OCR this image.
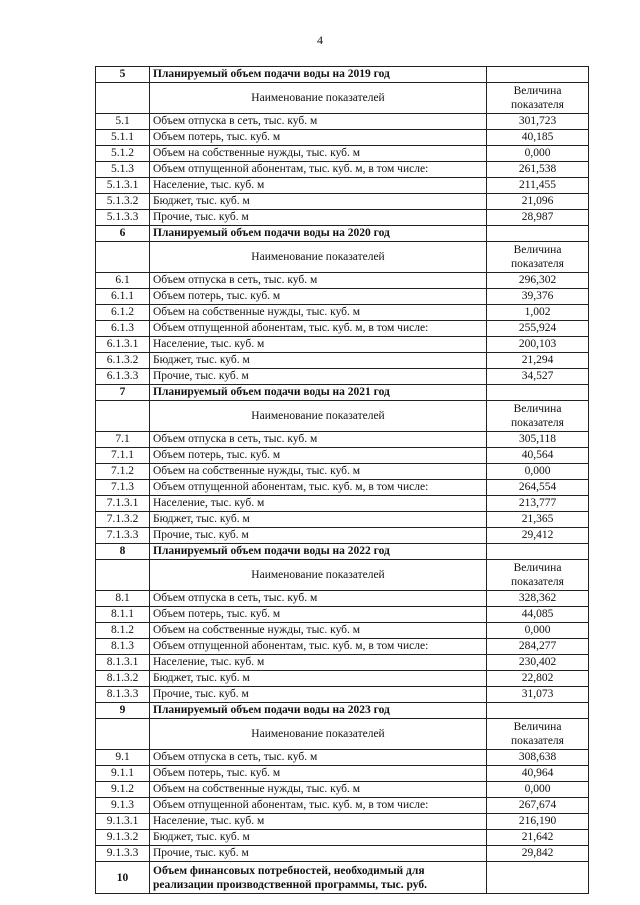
4
5	Планируемый объем подачи воды на 2019 год	
	Наименование показателей	Величина показателя
5.1	Объем отпуска в сеть, тыс. куб. м	301,723
5.1.1	Объем потерь, тыс. куб. м	40,185
5.1.2	Объем на собственные нужды, тыс. куб. м	0,000
5.1.3	Объем отпущенной абонентам, тыс. куб. м, в том числе:	261,538
5.1.3.1	Население, тыс. куб. м	211,455
5.1.3.2	Бюджет, тыс. куб. м	21,096
5.1.3.3	Прочие, тыс. куб. м	28,987
6	Планируемый объем подачи воды на 2020 год	
	Наименование показателей	Величина показателя
6.1	Объем отпуска в сеть, тыс. куб. м	296,302
6.1.1	Объем потерь, тыс. куб. м	39,376
6.1.2	Объем на собственные нужды, тыс. куб. м	1,002
6.1.3	Объем отпущенной абонентам, тыс. куб. м, в том числе:	255,924
6.1.3.1	Население, тыс. куб. м	200,103
6.1.3.2	Бюджет, тыс. куб. м	21,294
6.1.3.3	Прочие, тыс. куб. м	34,527
7	Планируемый объем подачи воды на 2021 год	
	Наименование показателей	Величина показателя
7.1	Объем отпуска в сеть, тыс. куб. м	305,118
7.1.1	Объем потерь, тыс. куб. м	40,564
7.1.2	Объем на собственные нужды, тыс. куб. м	0,000
7.1.3	Объем отпущенной абонентам, тыс. куб. м, в том числе:	264,554
7.1.3.1	Население, тыс. куб. м	213,777
7.1.3.2	Бюджет, тыс. куб. м	21,365
7.1.3.3	Прочие, тыс. куб. м	29,412
8	Планируемый объем подачи воды на 2022 год	
	Наименование показателей	Величина показателя
8.1	Объем отпуска в сеть, тыс. куб. м	328,362
8.1.1	Объем потерь, тыс. куб. м	44,085
8.1.2	Объем на собственные нужды, тыс. куб. м	0,000
8.1.3	Объем отпущенной абонентам, тыс. куб. м, в том числе:	284,277
8.1.3.1	Население, тыс. куб. м	230,402
8.1.3.2	Бюджет, тыс. куб. м	22,802
8.1.3.3	Прочие, тыс. куб. м	31,073
9	Планируемый объем подачи воды на 2023 год	
	Наименование показателей	Величина показателя
9.1	Объем отпуска в сеть, тыс. куб. м	308,638
9.1.1	Объем потерь, тыс. куб. м	40,964
9.1.2	Объем на собственные нужды, тыс. куб. м	0,000
9.1.3	Объем отпущенной абонентам, тыс. куб. м, в том числе:	267,674
9.1.3.1	Население, тыс. куб. м	216,190
9.1.3.2	Бюджет, тыс. куб. м	21,642
9.1.3.3	Прочие, тыс. куб. м	29,842
10	Объем финансовых потребностей, необходимый для реализации производственной программы, тыс. руб.	
